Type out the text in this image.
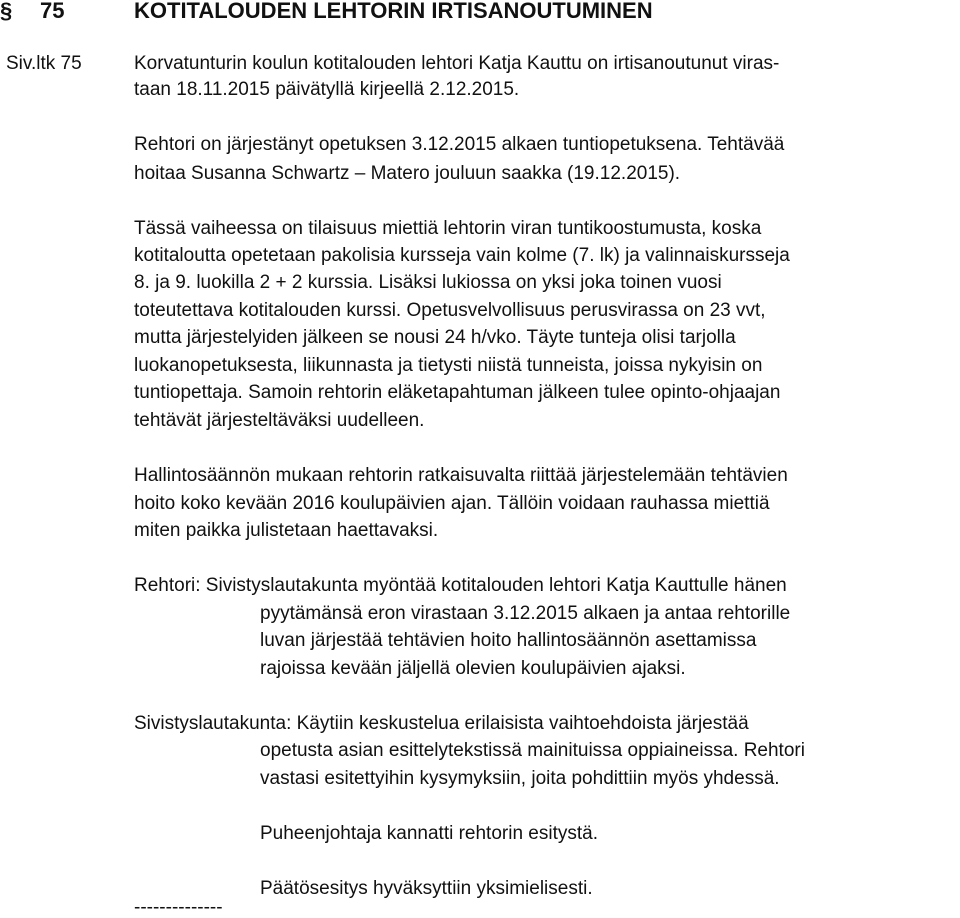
§ 75	KOTITALOUDEN LEHTORIN IRTISANOUTUMINEN
Siv.ltk 75	Korvatunturin koulun kotitalouden lehtori Katja Kauttu on irtisanoutunut viras-
taan 18.11.2015 päivätyllä kirjeellä 2.12.2015.
Rehtori on järjestänyt opetuksen 3.12.2015 alkaen tuntiopetuksena. Tehtävää
hoitaa Susanna Schwartz – Matero jouluun saakka (19.12.2015).
Tässä vaiheessa on tilaisuus miettiä lehtorin viran tuntikoostumusta, koska
kotitaloutta opetetaan pakolisia kursseja vain kolme (7. lk) ja valinnaiskursseja
8. ja 9. luokilla 2 + 2 kurssia. Lisäksi lukiossa on yksi joka toinen vuosi
toteutettava kotitalouden kurssi. Opetusvelvollisuus perusvirassa on 23 vvt,
mutta järjestelyiden jälkeen se nousi 24 h/vko. Täyte tunteja olisi tarjolla
luokanopetuksesta, liikunnasta ja tietysti niistä tunneista, joissa nykyisin on
tuntiopettaja. Samoin rehtorin eläketapahtuman jälkeen tulee opinto-ohjaajan
tehtävät järjesteltäväksi uudelleen.
Hallintosäännön mukaan rehtorin ratkaisuvalta riittää järjestelemään tehtävien
hoito koko kevään 2016 koulupäivien ajan. Tällöin voidaan rauhassa miettiä
miten paikka julistetaan haettavaksi.
Rehtori: Sivistyslautakunta myöntää kotitalouden lehtori Katja Kauttulle hänen
pyytämänsä eron virastaan 3.12.2015 alkaen ja antaa rehtorille
luvan järjestää tehtävien hoito hallintosäännön asettamissa
rajoissa kevään jäljellä olevien koulupäivien ajaksi.
Sivistyslautakunta: Käytiin keskustelua erilaisista vaihtoehdoista järjestää
opetusta asian esittelytekstissä mainituissa oppiaineissa. Rehtori
vastasi esitettyihin kysymyksiin, joita pohdittiin myös yhdessä.
Puheenjohtaja kannatti rehtorin esitystä.
Päätösesitys hyväksyttiin yksimielisesti.
--------------
